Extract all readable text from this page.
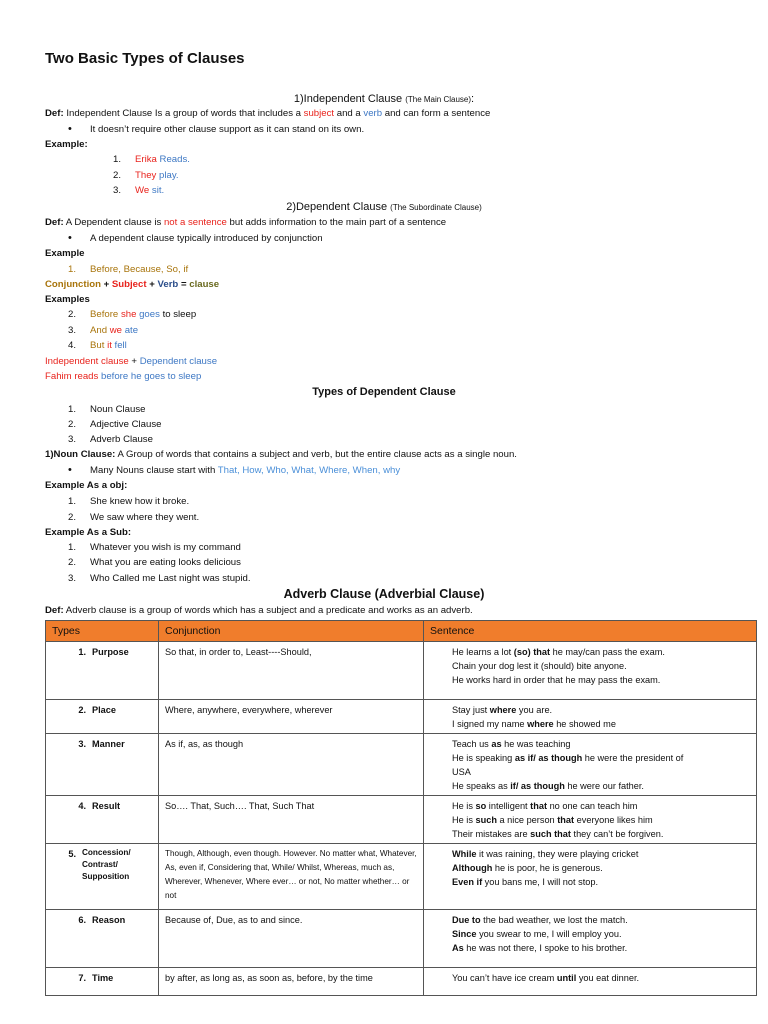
Two Basic Types of Clauses
1)Independent Clause (The Main Clause):
Def: Independent Clause Is a group of words that includes a subject and a verb and can form a sentence
• It doesn’t require other clause support as it can stand on its own.
Example:
1. Erika Reads.
2. They play.
3. We sit.
2)Dependent Clause (The Subordinate Clause)
Def: A Dependent clause is not a sentence but adds information to the main part of a sentence
• A dependent clause typically introduced by conjunction
Example
1. Before, Because, So, if
Conjunction + Subject + Verb = clause
Examples
2. Before she goes to sleep
3. And we ate
4. But it fell
Independent clause + Dependent clause
Fahim reads before he goes to sleep
Types of Dependent Clause
1. Noun Clause
2. Adjective Clause
3. Adverb Clause
1)Noun Clause: A Group of words that contains a subject and verb, but the entire clause acts as a single noun.
• Many Nouns clause start with That, How, Who, What, Where, When, why
Example As a obj:
1. She knew how it broke.
2. We saw where they went.
Example As a Sub:
1. Whatever you wish is my command
2. What you are eating looks delicious
3. Who Called me Last night was stupid.
Adverb Clause (Adverbial Clause)
Def: Adverb clause is a group of words which has a subject and a predicate and works as an adverb.
Types	Conjunction	Sentence
1. Purpose	So that, in order to, Least----Should,	He learns a lot (so) that he may/can pass the exam.
Chain your dog lest it (should) bite anyone.
He works hard in order that he may pass the exam.

2. Place	Where, anywhere, everywhere, wherever	Stay just where you are.
I signed my name where he showed me

3. Manner	As if, as, as though	Teach us as he was teaching
He is speaking as if/ as though he were the president of
USA
He speaks as if/ as though he were our father.

4. Result	So…. That, Such…. That, Such That	He is so intelligent that no one can teach him
He is such a nice person that everyone likes him
Their mistakes are such that they can’t be forgiven.

5. Concession/ Contrast/ Supposition	Though, Although, even though. However. No matter what, Whatever, As, even if, Considering that, While/ Whilst, Whereas, much as, Wherever, Whenever, Where ever… or not, No matter whether… or not	While it was raining, they were playing cricket
Although he is poor, he is generous.
Even if you bans me, I will not stop.

6. Reason	Because of, Due, as to and since.	Due to the bad weather, we lost the match.
Since you swear to me, I will employ you.
As he was not there, I spoke to his brother.

7. Time	by after, as long as, as soon as, before, by the time	You can’t have ice cream until you eat dinner.
